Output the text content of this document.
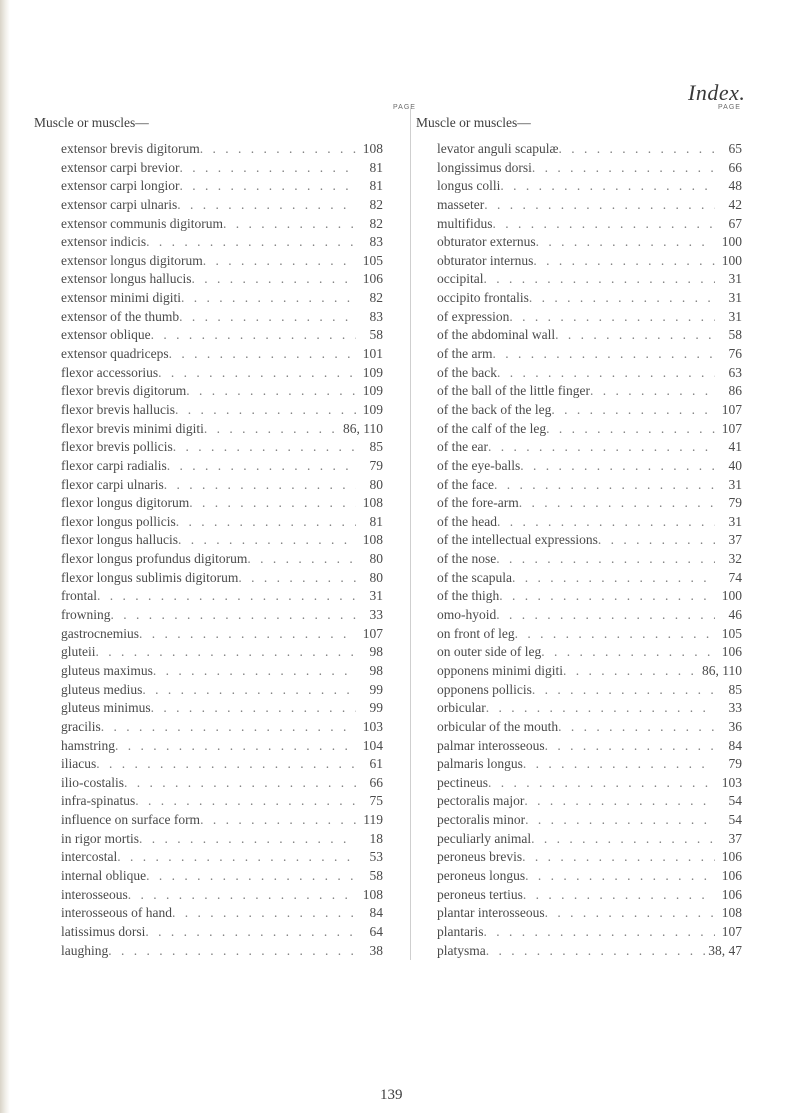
Index.
PAGE
Muscle or muscles—
extensor brevis digitorum . . .	108
extensor carpi brevior . . .	81
extensor carpi longior . . .	81
extensor carpi ulnaris . . .	82
extensor communis digitorum . . .	82
extensor indicis . . .	83
extensor longus digitorum . . .	105
extensor longus hallucis . . .	106
extensor minimi digiti . . .	82
extensor of the thumb . . .	83
extensor oblique . . .	58
extensor quadriceps . . .	101
flexor accessorius . . .	109
flexor brevis digitorum . . .	109
flexor brevis hallucis . . .	109
flexor brevis minimi digiti . . .	86, 110
flexor brevis pollicis . . .	85
flexor carpi radialis . . .	79
flexor carpi ulnaris . . .	80
flexor longus digitorum . . .	108
flexor longus pollicis . . .	81
flexor longus hallucis . . .	108
flexor longus profundus digitorum . . .	80
flexor longus sublimis digitorum . . .	80
frontal . . .	31
frowning . . .	33
gastrocnemius . . .	107
gluteii . . .	98
gluteus maximus . . .	98
gluteus medius . . .	99
gluteus minimus . . .	99
gracilis . . .	103
hamstring . . .	104
iliacus . . .	61
ilio-costalis . . .	66
infra-spinatus . . .	75
influence on surface form . . .	119
in rigor mortis . . .	18
intercostal . . .	53
internal oblique . . .	58
interosseous . . .	108
interosseous of hand . . .	84
latissimus dorsi . . .	64
laughing . . .	38
PAGE
Muscle or muscles—
levator anguli scapulæ . . .	65
longissimus dorsi . . .	66
longus colli . . .	48
masseter . . .	42
multifidus . . .	67
obturator externus . . .	100
obturator internus . . .	100
occipital . . .	31
occipito frontalis . . .	31
of expression . . .	31
of the abdominal wall . . .	58
of the arm . . .	76
of the back . . .	63
of the ball of the little finger . . .	86
of the back of the leg . . .	107
of the calf of the leg . . .	107
of the ear . . .	41
of the eye-balls . . .	40
of the face . . .	31
of the fore-arm . . .	79
of the head . . .	31
of the intellectual expressions . . .	37
of the nose . . .	32
of the scapula . . .	74
of the thigh . . .	100
omo-hyoid . . .	46
on front of leg . . .	105
on outer side of leg . . .	106
opponens minimi digiti . . .	86, 110
opponens pollicis . . .	85
orbicular . . .	33
orbicular of the mouth . . .	36
palmar interosseous . . .	84
palmaris longus . . .	79
pectineus . . .	103
pectoralis major . . .	54
pectoralis minor . . .	54
peculiarly animal . . .	37
peroneus brevis . . .	106
peroneus longus . . .	106
peroneus tertius . . .	106
plantar interosseous . . .	108
plantaris . . .	107
platysma . . .	38, 47
139
